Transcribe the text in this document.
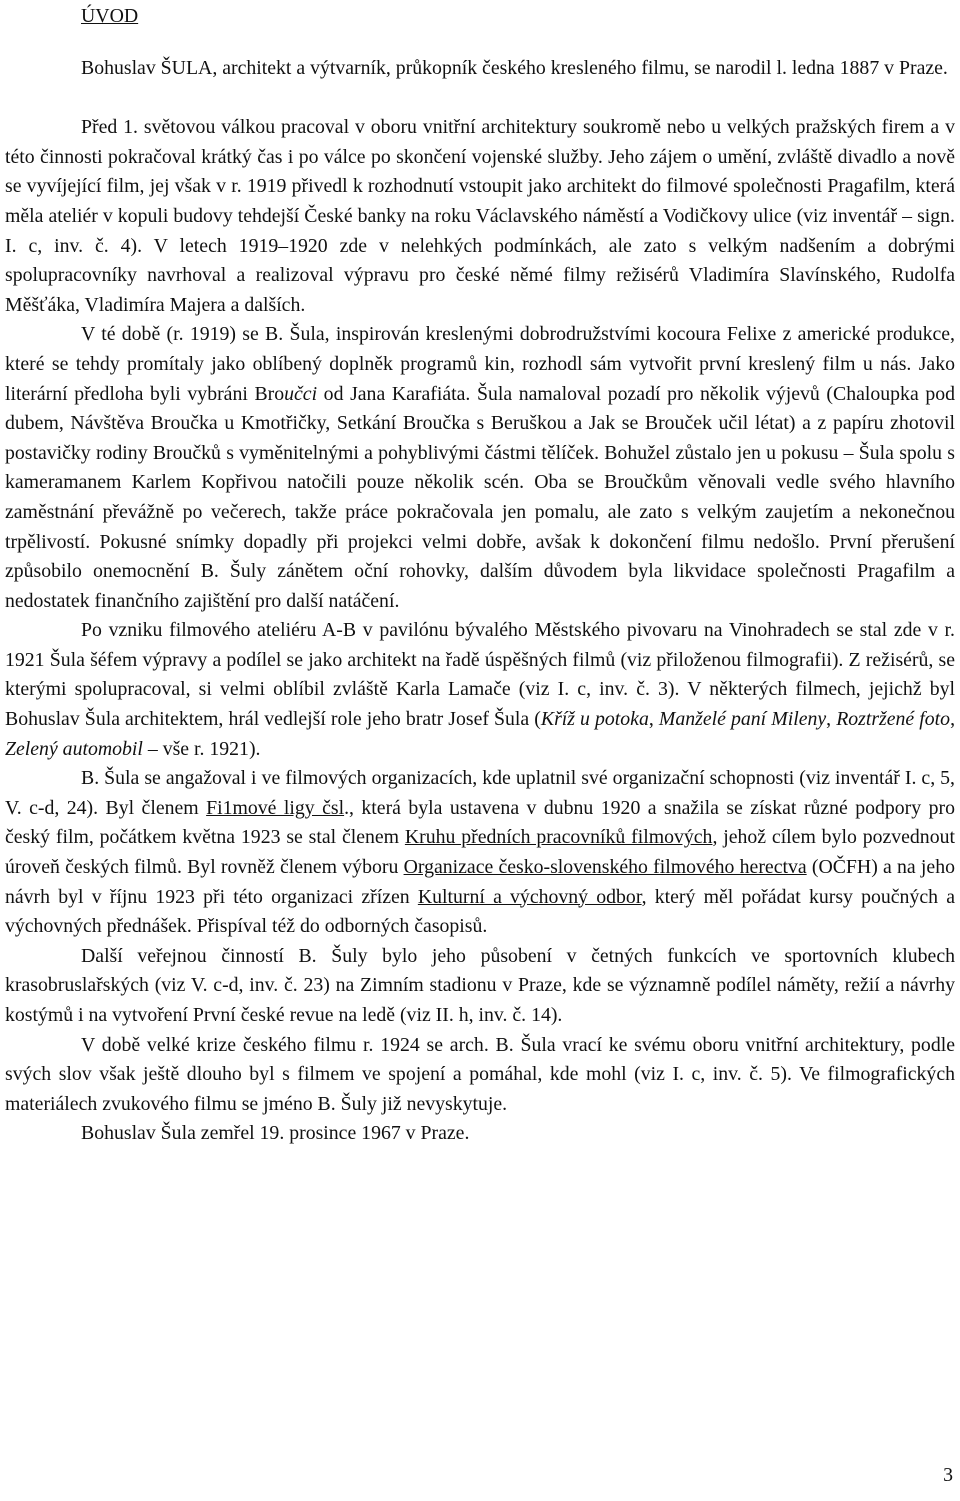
ÚVOD

Bohuslav ŠULA, architekt a výtvarník, průkopník českého kresleného filmu, se narodil l. ledna 1887 v Praze.

Před 1. světovou válkou pracoval v oboru vnitřní architektury soukromě nebo u velkých pražských firem a v této činnosti pokračoval krátký čas i po válce po skončení vojenské služby. Jeho zájem o umění, zvláště divadlo a nově se vyvíjející film, jej však v r. 1919 přivedl k rozhodnutí vstoupit jako architekt do filmové společnosti Pragafilm, která měla ateliér v kopuli budovy tehdejší České banky na roku Václavského náměstí a Vodičkovy ulice (viz inventář – sign. I. c, inv. č. 4). V letech 1919–1920 zde v nelehkých podmínkách, ale zato s velkým nadšením a dobrými spolupracovníky navrhoval a realizoval výpravu pro české němé filmy režisérů Vladimíra Slavínského, Rudolfa Měšťáka, Vladimíra Majera a dalších.

V té době (r. 1919) se B. Šula, inspirován kreslenými dobrodružstvími kocoura Felixe z americké produkce, které se tehdy promítaly jako oblíbený doplněk programů kin, rozhodl sám vytvořit první kreslený film u nás. Jako literární předloha byli vybráni Broučci od Jana Karafiáta. Šula namaloval pozadí pro několik výjevů (Chaloupka pod dubem, Návštěva Broučka u Kmotřičky, Setkání Broučka s Beruškou a Jak se Brouček učil létat) a z papíru zhotovil postavičky rodiny Broučků s vyměnitelnými a pohyblivými částmi tělíček. Bohužel zůstalo jen u pokusu – Šula spolu s kameramanem Karlem Kopřivou natočili pouze několik scén. Oba se Broučkům věnovali vedle svého hlavního zaměstnání převážně po večerech, takže práce pokračovala jen pomalu, ale zato s velkým zaujetím a nekonečnou trpělivostí. Pokusné snímky dopadly při projekci velmi dobře, avšak k dokončení filmu nedošlo. První přerušení způsobilo onemocnění B. Šuly zánětem oční rohovky, dalším důvodem byla likvidace společnosti Pragafilm a nedostatek finančního zajištění pro další natáčení.

Po vzniku filmového ateliéru A-B v pavilónu bývalého Městského pivovaru na Vinohradech se stal zde v r. 1921 Šula šéfem výpravy a podílel se jako architekt na řadě úspěšných filmů (viz přiloženou filmografii). Z režisérů, se kterými spolupracoval, si velmi oblíbil zvláště Karla Lamače (viz I. c, inv. č. 3). V některých filmech, jejichž byl Bohuslav Šula architektem, hrál vedlejší role jeho bratr Josef Šula (Kříž u potoka, Manželé paní Mileny, Roztržené foto, Zelený automobil – vše r. 1921).

B. Šula se angažoval i ve filmových organizacích, kde uplatnil své organizační schopnosti (viz inventář I. c, 5, V. c-d, 24). Byl členem Fi1mové ligy čsl., která byla ustavena v dubnu 1920 a snažila se získat různé podpory pro český film, počátkem května 1923 se stal členem Kruhu předních pracovníků filmových, jehož cílem bylo pozvednout úroveň českých filmů. Byl rovněž členem výboru Organizace česko-slovenského filmového herectva (OČFH) a na jeho návrh byl v říjnu 1923 při této organizaci zřízen Kulturní a výchovný odbor, který měl pořádat kursy poučných a výchovných přednášek. Přispíval též do odborných časopisů.

Další veřejnou činností B. Šuly bylo jeho působení v četných funkcích ve sportovních klubech krasobruslařských (viz V. c-d, inv. č. 23) na Zimním stadionu v Praze, kde se významně podílel náměty, režií a návrhy kostýmů i na vytvoření První české revue na ledě (viz II. h, inv. č. 14).

V době velké krize českého filmu r. 1924 se arch. B. Šula vrací ke svému oboru vnitřní architektury, podle svých slov však ještě dlouho byl s filmem ve spojení a pomáhal, kde mohl (viz I. c, inv. č. 5). Ve filmografických materiálech zvukového filmu se jméno B. Šuly již nevyskytuje.

Bohuslav Šula zemřel 19. prosince 1967 v Praze.

3
